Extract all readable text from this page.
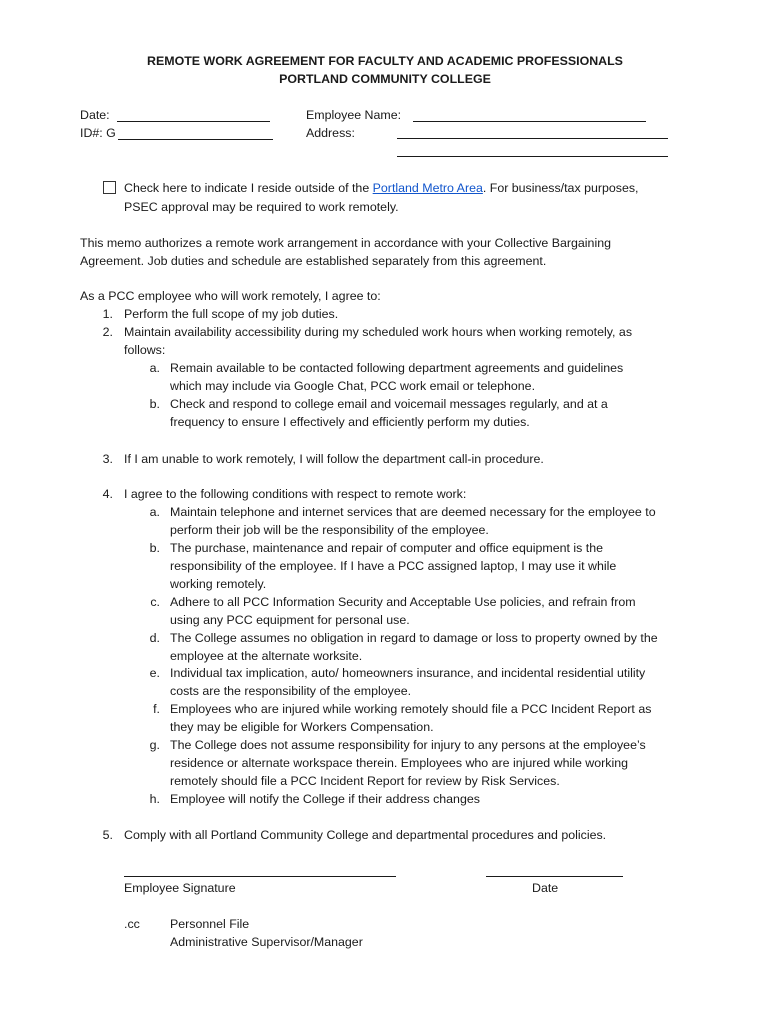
REMOTE WORK AGREEMENT FOR FACULTY AND ACADEMIC PROFESSIONALS
PORTLAND COMMUNITY COLLEGE
Date:
ID#: G
Employee Name:
Address:
Check here to indicate I reside outside of the Portland Metro Area. For business/tax purposes,
PSEC approval may be required to work remotely.
This memo authorizes a remote work arrangement in accordance with your Collective Bargaining
Agreement. Job duties and schedule are established separately from this agreement.
As a PCC employee who will work remotely, I agree to:
1. Perform the full scope of my job duties.
2. Maintain availability accessibility during my scheduled work hours when working remotely, as
follows:
a. Remain available to be contacted following department agreements and guidelines
which may include via Google Chat, PCC work email or telephone.
b. Check and respond to college email and voicemail messages regularly, and at a
frequency to ensure I effectively and efficiently perform my duties.
3. If I am unable to work remotely, I will follow the department call-in procedure.
4. I agree to the following conditions with respect to remote work:
a. Maintain telephone and internet services that are deemed necessary for the employee to
perform their job will be the responsibility of the employee.
b. The purchase, maintenance and repair of computer and office equipment is the
responsibility of the employee. If I have a PCC assigned laptop, I may use it while
working remotely.
c. Adhere to all PCC Information Security and Acceptable Use policies, and refrain from
using any PCC equipment for personal use.
d. The College assumes no obligation in regard to damage or loss to property owned by the
employee at the alternate worksite.
e. Individual tax implication, auto/ homeowners insurance, and incidental residential utility
costs are the responsibility of the employee.
f. Employees who are injured while working remotely should file a PCC Incident Report as
they may be eligible for Workers Compensation.
g. The College does not assume responsibility for injury to any persons at the employee’s
residence or alternate workspace therein. Employees who are injured while working
remotely should file a PCC Incident Report for review by Risk Services.
h. Employee will notify the College if their address changes
5. Comply with all Portland Community College and departmental procedures and policies.
Employee Signature	Date
.cc Personnel File
Administrative Supervisor/Manager
